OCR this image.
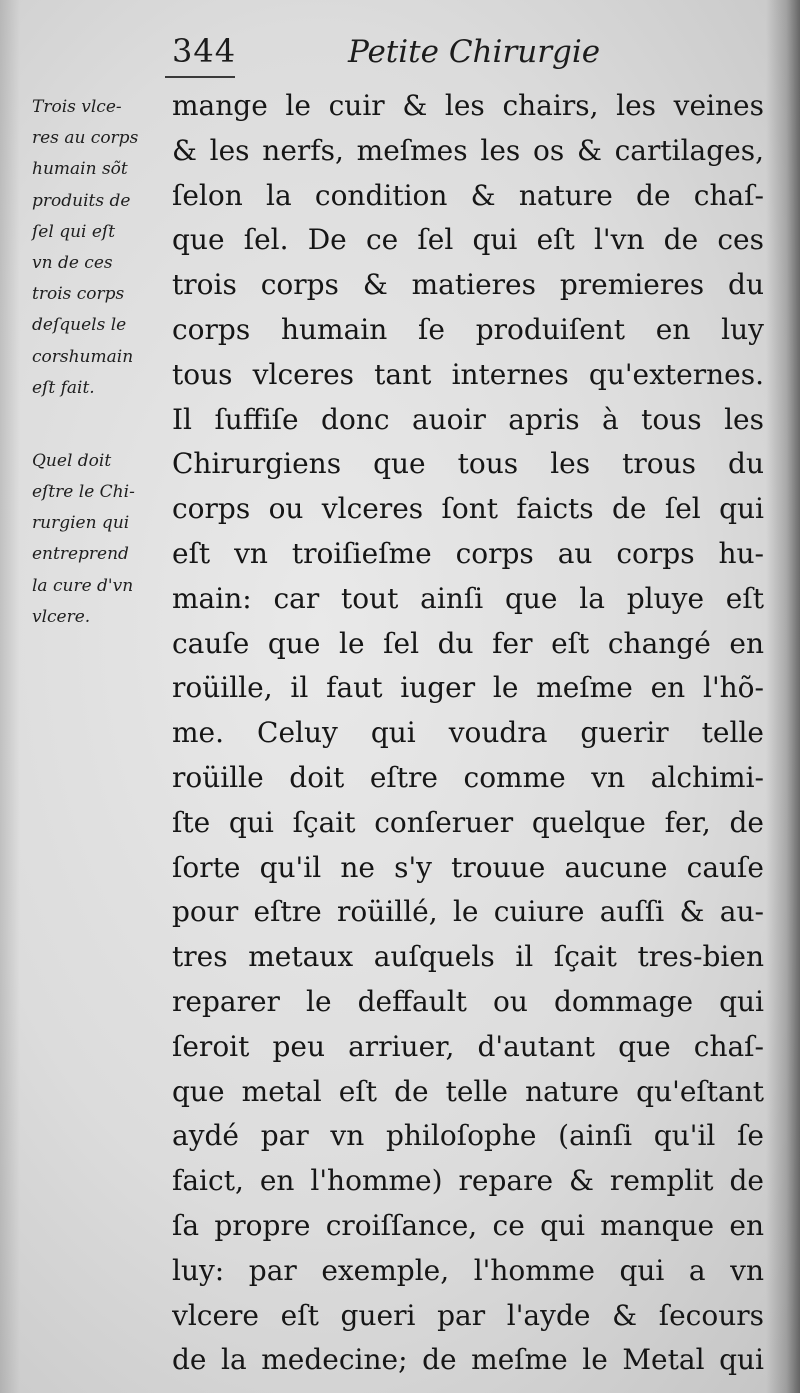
344	Petite Chirurgie
Trois vlce-
res au corps
humain sõt
produits de
ſel qui eſt
vn de ces
trois corps
deſquels le
corshumain
eſt fait.
Quel doit
eſtre le Chi-
rurgien qui
entreprend
la cure d'vn
vlcere.
mange le cuir & les chairs, les veines
& les nerfs, meſmes les os & cartilages,
ſelon la condition & nature de chaſ-
que ſel. De ce ſel qui eſt l'vn de ces
trois corps & matieres premieres du
corps humain ſe produiſent en luy
tous vlceres tant internes qu'externes.
Il ſuffiſe donc auoir apris à tous les
Chirurgiens que tous les trous du
corps ou vlceres ſont faicts de ſel qui
eſt vn troiſieſme corps au corps hu-
main: car tout ainſi que la pluye eſt
cauſe que le ſel du fer eſt changé en
roüille, il faut iuger le meſme en l'hõ-
me. Celuy qui voudra guerir telle
roüille doit eſtre comme vn alchimi-
ſte qui ſçait conſeruer quelque fer, de
ſorte qu'il ne s'y trouue aucune cauſe
pour eſtre roüillé, le cuiure auſſi & au-
tres metaux auſquels il ſçait tres-bien
reparer le deffault ou dommage qui
ſeroit peu arriuer, d'autant que chaſ-
que metal eſt de telle nature qu'eſtant
aydé par vn philoſophe (ainſi qu'il ſe
faict, en l'homme) repare & remplit de
ſa propre croiſſance, ce qui manque en
luy: par exemple, l'homme qui a vn
vlcere eſt gueri par l'ayde & ſecours
de la medecine; de meſme le Metal qui
